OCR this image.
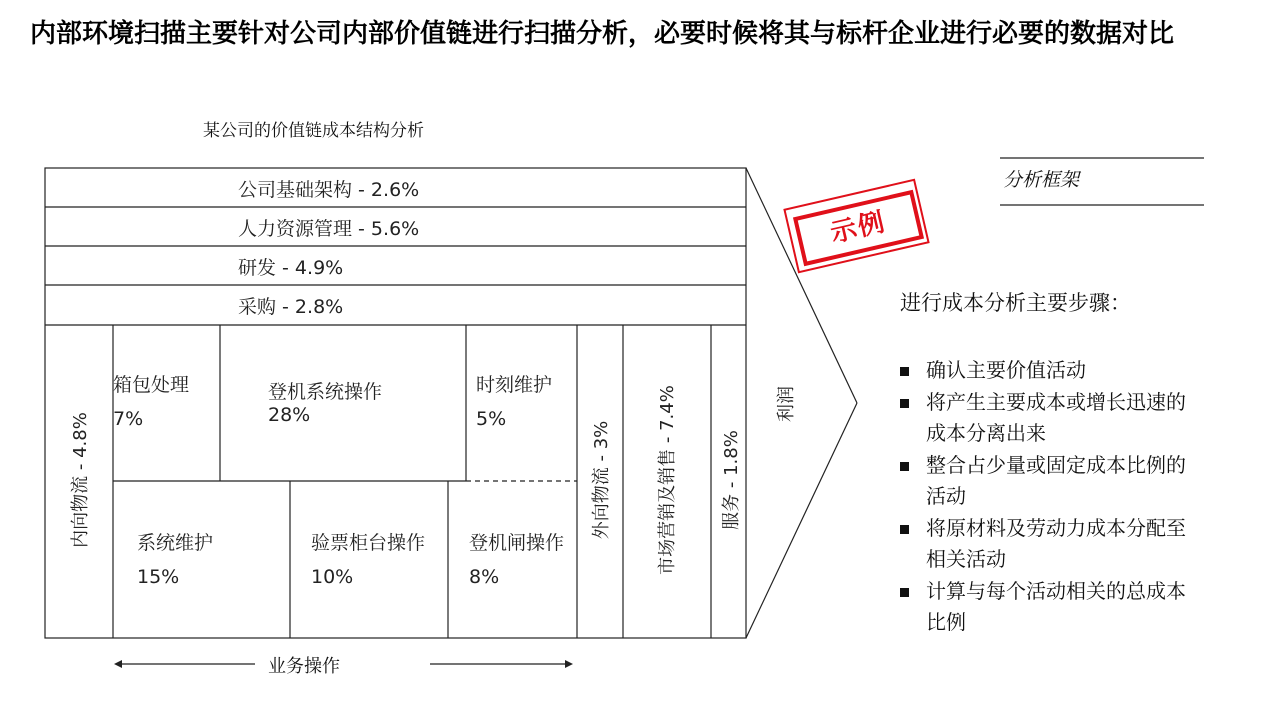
内部环境扫描主要针对公司内部价值链进行扫描分析，必要时候将其与标杆企业进行必要的数据对比
某公司的价值链成本结构分析
公司基础架构 - 2.6%
人力资源管理 - 5.6%
研发 - 4.9%
采购 - 2.8%
内向物流 - 4.8%	外向物流 - 3%	市场营销及销售 - 7.4% 服务 - 1.8%
利润
箱包处理
7%
登机系统操作
28%
时刻维护
5%
系统维护
15%
验票柜台操作
10%
登机闸操作
8%
业务操作
示例
分析框架
进行成本分析主要步骤：
确认主要价值活动
将产生主要成本或增长迅速的成本分离出来
整合占少量或固定成本比例的活动
将原材料及劳动力成本分配至相关活动
计算与每个活动相关的总成本比例
